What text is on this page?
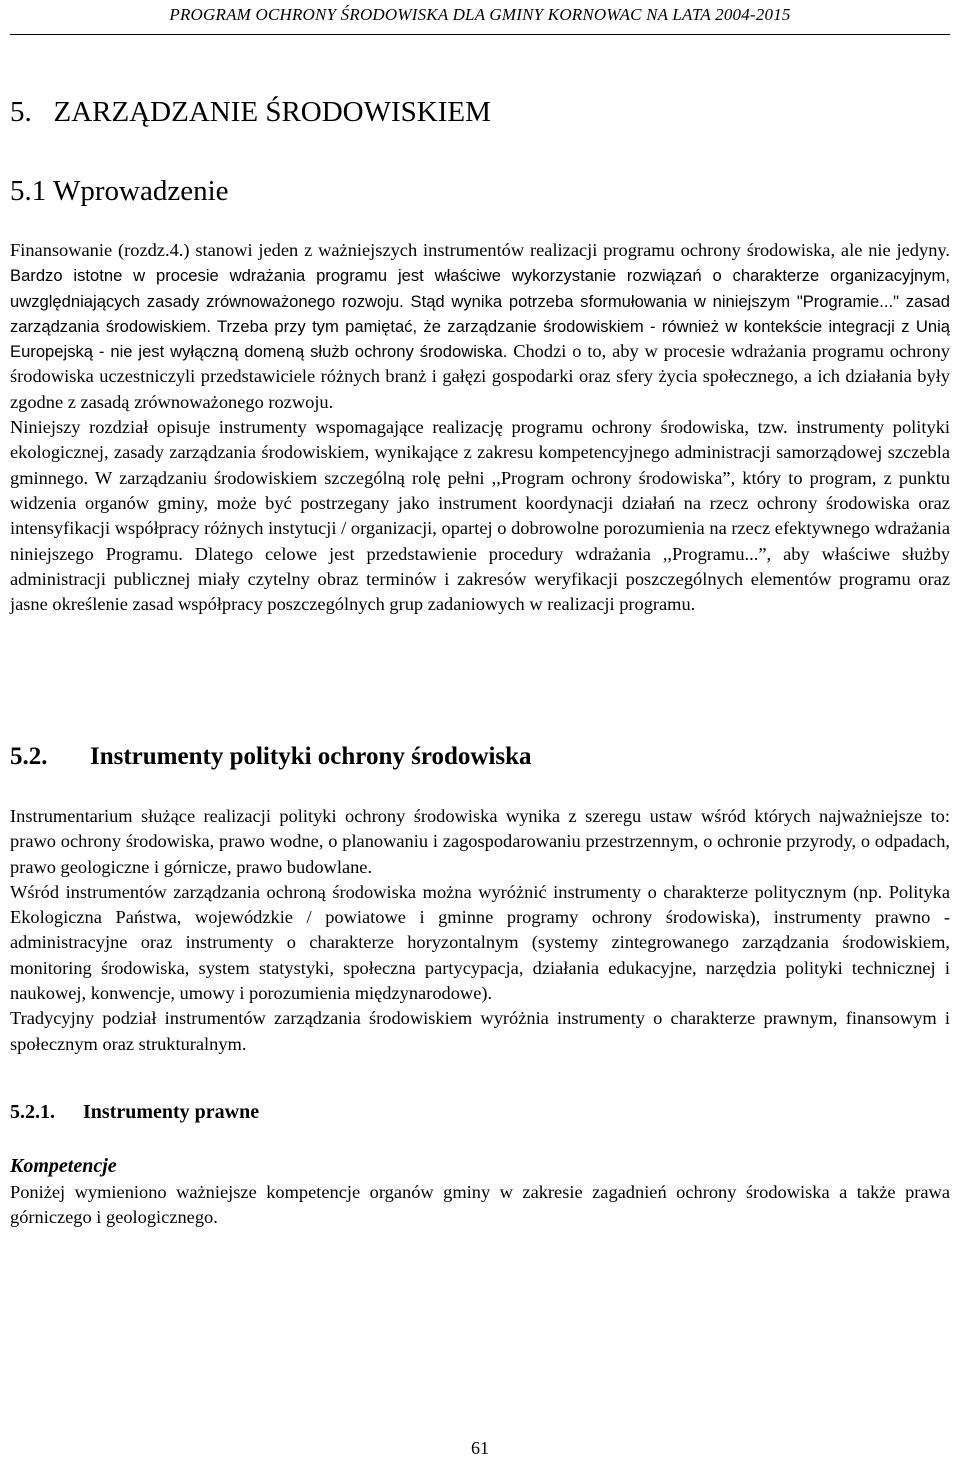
PROGRAM OCHRONY ŚRODOWISKA DLA GMINY KORNOWAC NA LATA 2004-2015
5.   ZARZĄDZANIE ŚRODOWISKIEM
5.1 Wprowadzenie
Finansowanie (rozdz.4.) stanowi jeden z ważniejszych instrumentów realizacji programu ochrony środowiska, ale nie jedyny. Bardzo istotne w procesie wdrażania programu jest właściwe wykorzystanie rozwiązań o charakterze organizacyjnym, uwzględniających zasady zrównoważonego rozwoju. Stąd wynika potrzeba sformułowania w niniejszym "Programie..." zasad zarządzania środowiskiem. Trzeba przy tym pamiętać, że zarządzanie środowiskiem - również w kontekście integracji z Unią Europejską - nie jest wyłączną domeną służb ochrony środowiska. Chodzi o to, aby w procesie wdrażania programu ochrony środowiska uczestniczyli przedstawiciele różnych branż i gałęzi gospodarki oraz sfery życia społecznego, a ich działania były zgodne z zasadą zrównoważonego rozwoju.
Niniejszy rozdział opisuje instrumenty wspomagające realizację programu ochrony środowiska, tzw. instrumenty polityki ekologicznej, zasady zarządzania środowiskiem, wynikające z zakresu kompetencyjnego administracji samorządowej szczebla gminnego. W zarządzaniu środowiskiem szczególną rolę pełni ,,Program ochrony środowiska”, który to program, z punktu widzenia organów gminy, może być postrzegany jako instrument koordynacji działań na rzecz ochrony środowiska oraz intensyfikacji współpracy różnych instytucji / organizacji, opartej o dobrowolne porozumienia na rzecz efektywnego wdrażania niniejszego Programu. Dlatego celowe jest przedstawienie procedury wdrażania ,,Programu...”, aby właściwe służby administracji publicznej miały czytelny obraz terminów i zakresów weryfikacji poszczególnych elementów programu oraz jasne określenie zasad współpracy poszczególnych grup zadaniowych w realizacji programu.
5.2. Instrumenty polityki ochrony środowiska
Instrumentarium służące realizacji polityki ochrony środowiska wynika z szeregu ustaw wśród których najważniejsze to: prawo ochrony środowiska, prawo wodne, o planowaniu i zagospodarowaniu przestrzennym, o ochronie przyrody, o odpadach, prawo geologiczne i górnicze, prawo budowlane.
Wśród instrumentów zarządzania ochroną środowiska można wyróżnić instrumenty o charakterze politycznym (np. Polityka Ekologiczna Państwa, wojewódzkie / powiatowe i gminne programy ochrony środowiska), instrumenty prawno - administracyjne oraz instrumenty o charakterze horyzontalnym (systemy zintegrowanego zarządzania środowiskiem, monitoring środowiska, system statystyki, społeczna partycypacja, działania edukacyjne, narzędzia polityki technicznej i naukowej, konwencje, umowy i porozumienia międzynarodowe).
Tradycyjny podział instrumentów zarządzania środowiskiem wyróżnia instrumenty o charakterze prawnym, finansowym i społecznym oraz strukturalnym.
5.2.1. Instrumenty prawne
Kompetencje
Poniżej wymieniono ważniejsze kompetencje organów gminy w zakresie zagadnień ochrony środowiska a także prawa górniczego i geologicznego.
61
